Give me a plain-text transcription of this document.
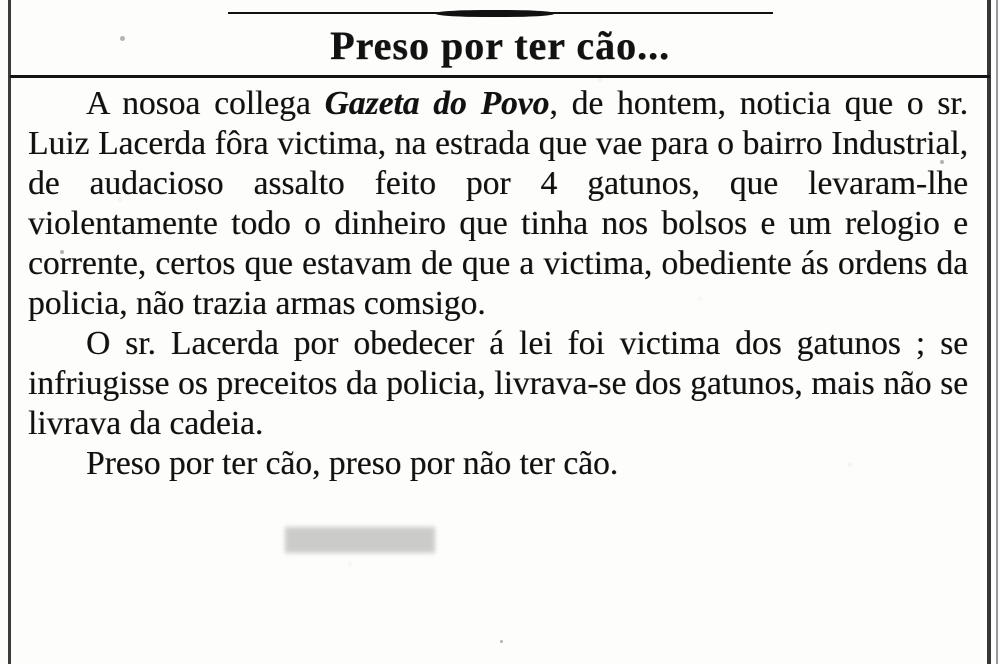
Preso por ter cão...

A nosoa collega Gazeta do Povo, de hontem, noticia que o sr. Luiz Lacerda fôra victima, na estrada que vae para o bairro Industrial, de audacioso assalto feito por 4 gatunos, que levaram-lhe violentamente todo o dinheiro que tinha nos bolsos e um relogio e corrente, certos que estavam de que a victima, obediente ás ordens da policia, não trazia armas comsigo.

O sr. Lacerda por obedecer á lei foi victima dos gatunos ; se infriugisse os preceitos da policia, livrava-se dos gatunos, mais não se livrava da cadeia.

Preso por ter cão, preso por não ter cão.
